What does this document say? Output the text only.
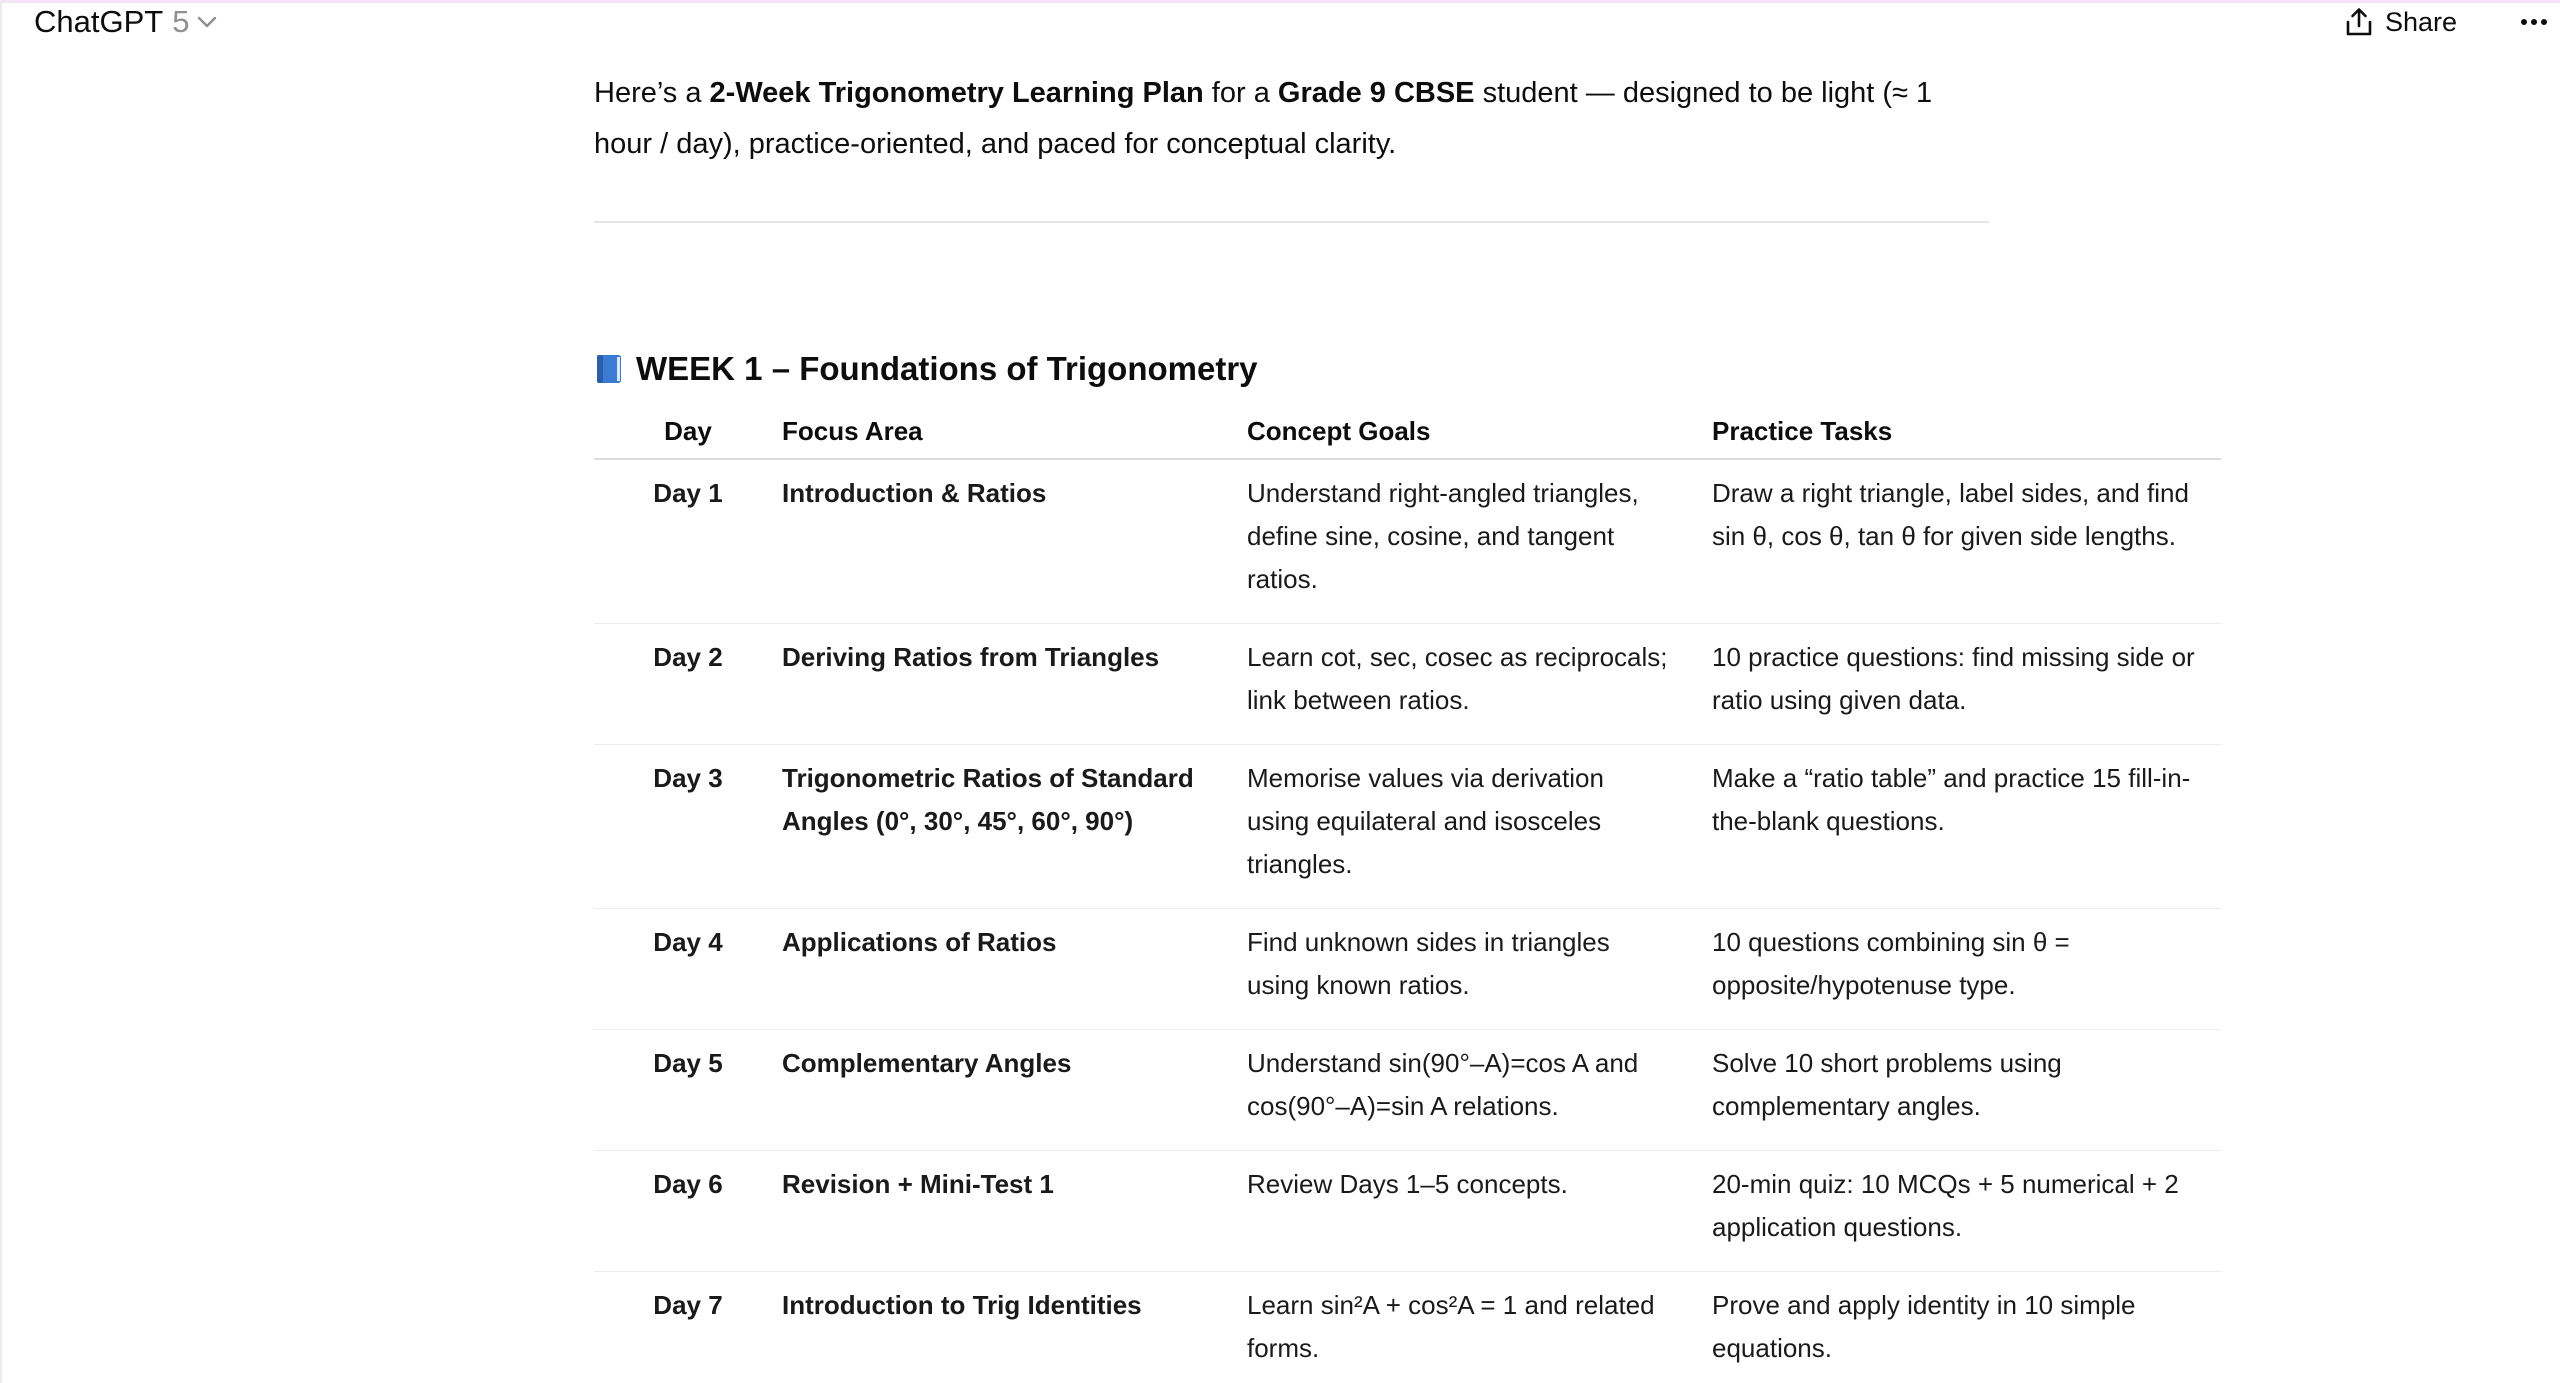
ChatGPT 5	Share

Here’s a 2-Week Trigonometry Learning Plan for a Grade 9 CBSE student — designed to be light (≈ 1 hour / day), practice-oriented, and paced for conceptual clarity.

WEEK 1 – Foundations of Trigonometry
Day	Focus Area	Concept Goals	Practice Tasks
Day 1	Introduction & Ratios	Understand right-angled triangles, define sine, cosine, and tangent ratios.	Draw a right triangle, label sides, and find sin θ, cos θ, tan θ for given side lengths.
Day 2	Deriving Ratios from Triangles	Learn cot, sec, cosec as reciprocals; link between ratios.	10 practice questions: find missing side or ratio using given data.
Day 3	Trigonometric Ratios of Standard Angles (0°, 30°, 45°, 60°, 90°)	Memorise values via derivation using equilateral and isosceles triangles.	Make a “ratio table” and practice 15 fill-in-the-blank questions.
Day 4	Applications of Ratios	Find unknown sides in triangles using known ratios.	10 questions combining sin θ = opposite/hypotenuse type.
Day 5	Complementary Angles	Understand sin(90°–A)=cos A and cos(90°–A)=sin A relations.	Solve 10 short problems using complementary angles.
Day 6	Revision + Mini-Test 1	Review Days 1–5 concepts.	20-min quiz: 10 MCQs + 5 numerical + 2 application questions.
Day 7	Introduction to Trig Identities	Learn sin²A + cos²A = 1 and related forms.	Prove and apply identity in 10 simple equations.
